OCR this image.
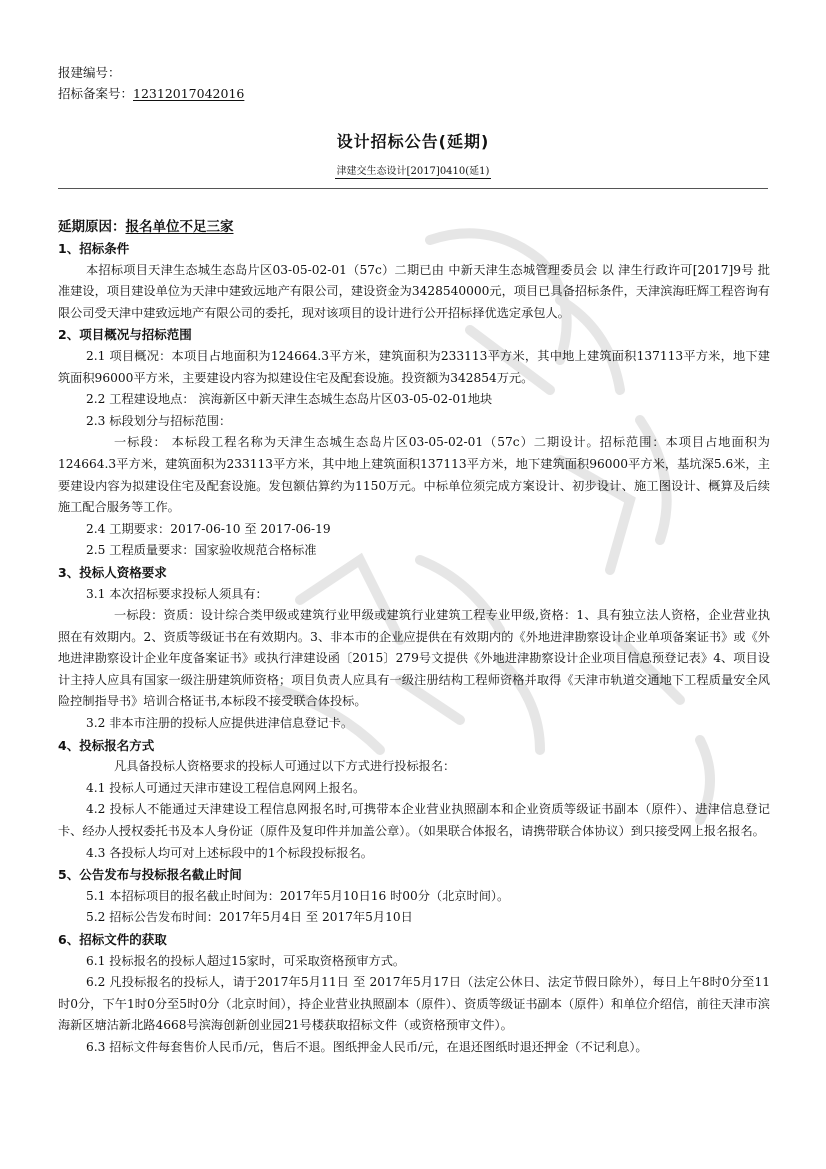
报建编号：
招标备案号：12312017042016
设计招标公告(延期)
津建交生态设计[2017]0410(延1)

延期原因：报名单位不足三家

1、招标条件

本招标项目天津生态城生态岛片区03-05-02-01（57c）二期已由 中新天津生态城管理委员会 以 津生行政许可[2017]9号 批准建设，项目建设单位为天津中建致远地产有限公司，建设资金为3428540000元，项目已具备招标条件，天津滨海旺辉工程咨询有限公司受天津中建致远地产有限公司的委托，现对该项目的设计进行公开招标择优选定承包人。

2、项目概况与招标范围

2.1 项目概况：本项目占地面积为124664.3平方米，建筑面积为233113平方米，其中地上建筑面积137113平方米，地下建筑面积96000平方米，主要建设内容为拟建设住宅及配套设施。投资额为342854万元。

2.2 工程建设地点： 滨海新区中新天津生态城生态岛片区03-05-02-01地块

2.3 标段划分与招标范围：

一标段： 本标段工程名称为天津生态城生态岛片区03-05-02-01（57c）二期设计。招标范围：本项目占地面积为124664.3平方米，建筑面积为233113平方米，其中地上建筑面积137113平方米，地下建筑面积96000平方米，基坑深5.6米，主要建设内容为拟建设住宅及配套设施。发包额估算约为1150万元。中标单位须完成方案设计、初步设计、施工图设计、概算及后续施工配合服务等工作。

2.4 工期要求：2017-06-10 至 2017-06-19

2.5 工程质量要求：国家验收规范合格标准

3、投标人资格要求

3.1 本次招标要求投标人须具有：

一标段：资质：设计综合类甲级或建筑行业甲级或建筑行业建筑工程专业甲级,资格：1、具有独立法人资格，企业营业执照在有效期内。2、资质等级证书在有效期内。3、非本市的企业应提供在有效期内的《外地进津勘察设计企业单项备案证书》或《外地进津勘察设计企业年度备案证书》或执行津建设函〔2015〕279号文提供《外地进津勘察设计企业项目信息预登记表》4、项目设计主持人应具有国家一级注册建筑师资格；项目负责人应具有一级注册结构工程师资格并取得《天津市轨道交通地下工程质量安全风险控制指导书》培训合格证书,本标段不接受联合体投标。

3.2 非本市注册的投标人应提供进津信息登记卡。

4、投标报名方式

凡具备投标人资格要求的投标人可通过以下方式进行投标报名：

4.1 投标人可通过天津市建设工程信息网网上报名。

4.2 投标人不能通过天津建设工程信息网报名时,可携带本企业营业执照副本和企业资质等级证书副本（原件）、进津信息登记卡、经办人授权委托书及本人身份证（原件及复印件并加盖公章）。（如果联合体报名，请携带联合体协议）到只接受网上报名报名。

4.3 各投标人均可对上述标段中的1个标段投标报名。

5、公告发布与投标报名截止时间

5.1 本招标项目的报名截止时间为：2017年5月10日16 时00分（北京时间）。

5.2 招标公告发布时间：2017年5月4日 至 2017年5月10日

6、招标文件的获取

6.1 投标报名的投标人超过15家时，可采取资格预审方式。

6.2 凡投标报名的投标人，请于2017年5月11日 至 2017年5月17日（法定公休日、法定节假日除外），每日上午8时0分至11时0分，下午1时0分至5时0分（北京时间），持企业营业执照副本（原件）、资质等级证书副本（原件）和单位介绍信，前往天津市滨海新区塘沽新北路4668号滨海创新创业园21号楼获取招标文件（或资格预审文件）。

6.3 招标文件每套售价人民币/元，售后不退。图纸押金人民币/元，在退还图纸时退还押金（不记利息）。
